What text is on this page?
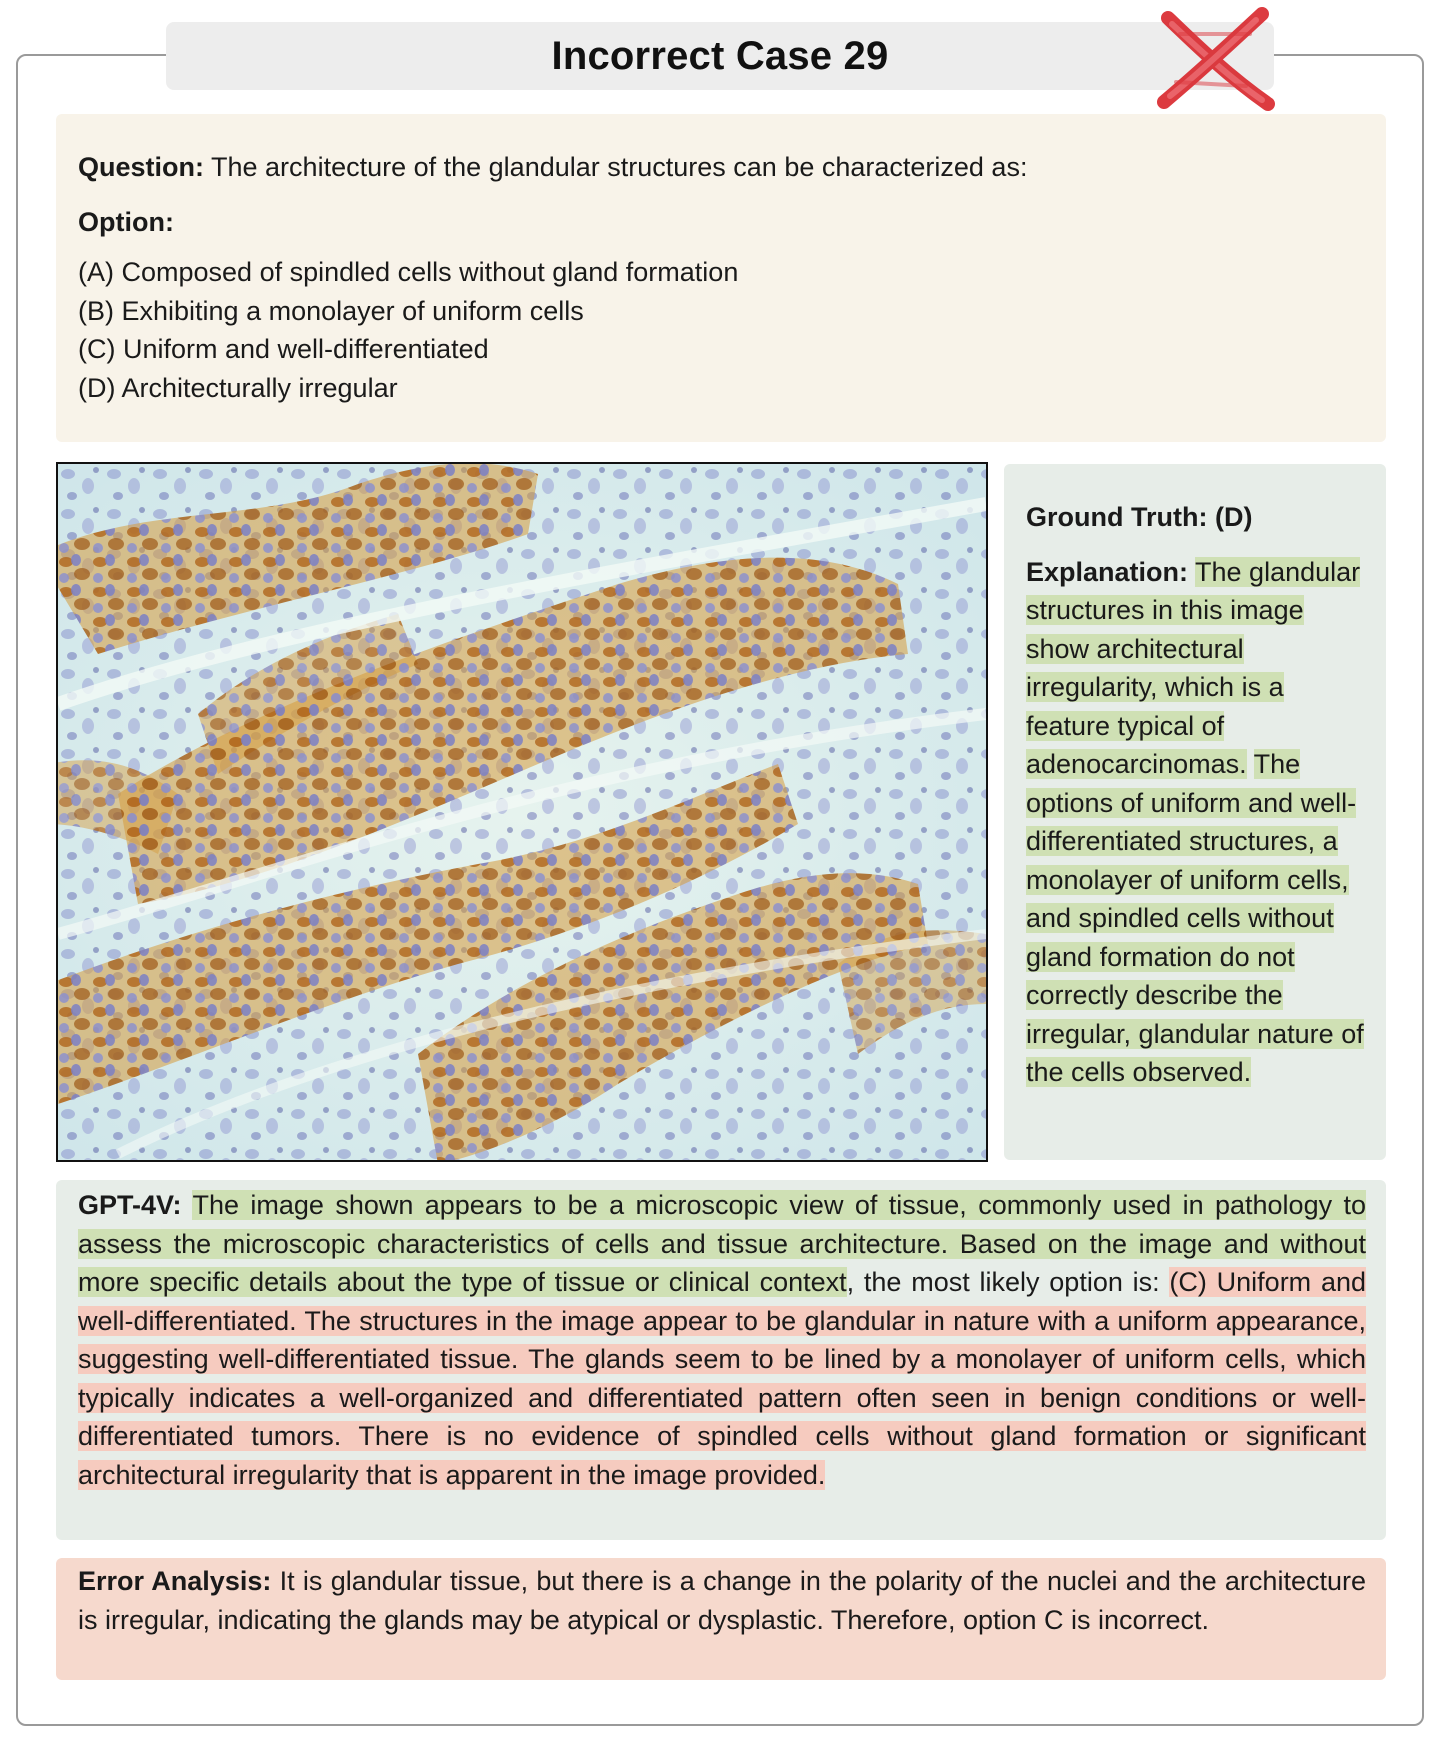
Incorrect Case 29

Question: The architecture of the glandular structures can be characterized as:

Option:

(A) Composed of spindled cells without gland formation
(B) Exhibiting a monolayer of uniform cells
(C) Uniform and well-differentiated
(D) Architecturally irregular

Ground Truth: (D)

Explanation: The glandular structures in this image show architectural irregularity, which is a feature typical of adenocarcinomas. The options of uniform and well-differentiated structures, a monolayer of uniform cells, and spindled cells without gland formation do not correctly describe the irregular, glandular nature of the cells observed.

GPT-4V: The image shown appears to be a microscopic view of tissue, commonly used in pathology to assess the microscopic characteristics of cells and tissue architecture. Based on the image and without more specific details about the type of tissue or clinical context, the most likely option is: (C) Uniform and well-differentiated. The structures in the image appear to be glandular in nature with a uniform appearance, suggesting well-differentiated tissue. The glands seem to be lined by a monolayer of uniform cells, which typically indicates a well-organized and differentiated pattern often seen in benign conditions or well-differentiated tumors. There is no evidence of spindled cells without gland formation or significant architectural irregularity that is apparent in the image provided.

Error Analysis: It is glandular tissue, but there is a change in the polarity of the nuclei and the architecture is irregular, indicating the glands may be atypical or dysplastic. Therefore, option C is incorrect.
